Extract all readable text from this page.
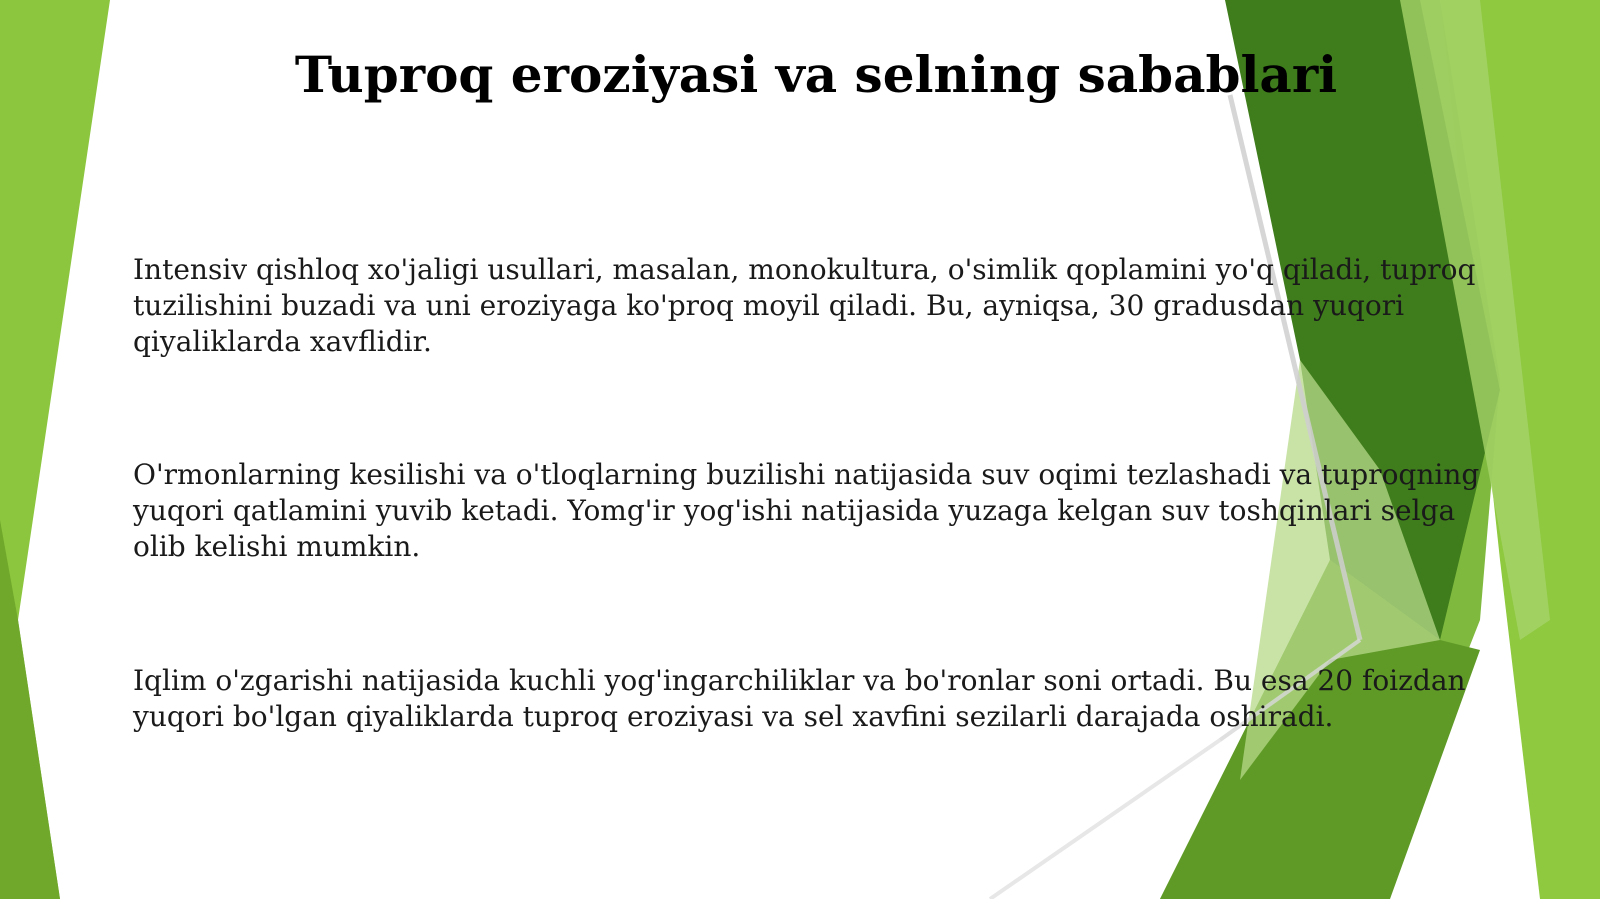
Tuproq eroziyasi va selning sabablari

Intensiv qishloq xo'jaligi usullari, masalan, monokultura, o'simlik qoplamini yo'q qiladi, tuproq tuzilishini buzadi va uni eroziyaga ko'proq moyil qiladi. Bu, ayniqsa, 30 gradusdan yuqori qiyaliklarda xavflidir.

O'rmonlarning kesilishi va o'tloqlarning buzilishi natijasida suv oqimi tezlashadi va tuproqning yuqori qatlamini yuvib ketadi. Yomg'ir yog'ishi natijasida yuzaga kelgan suv toshqinlari selga olib kelishi mumkin.

Iqlim o'zgarishi natijasida kuchli yog'ingarchiliklar va bo'ronlar soni ortadi. Bu esa 20 foizdan yuqori bo'lgan qiyaliklarda tuproq eroziyasi va sel xavfini sezilarli darajada oshiradi.
